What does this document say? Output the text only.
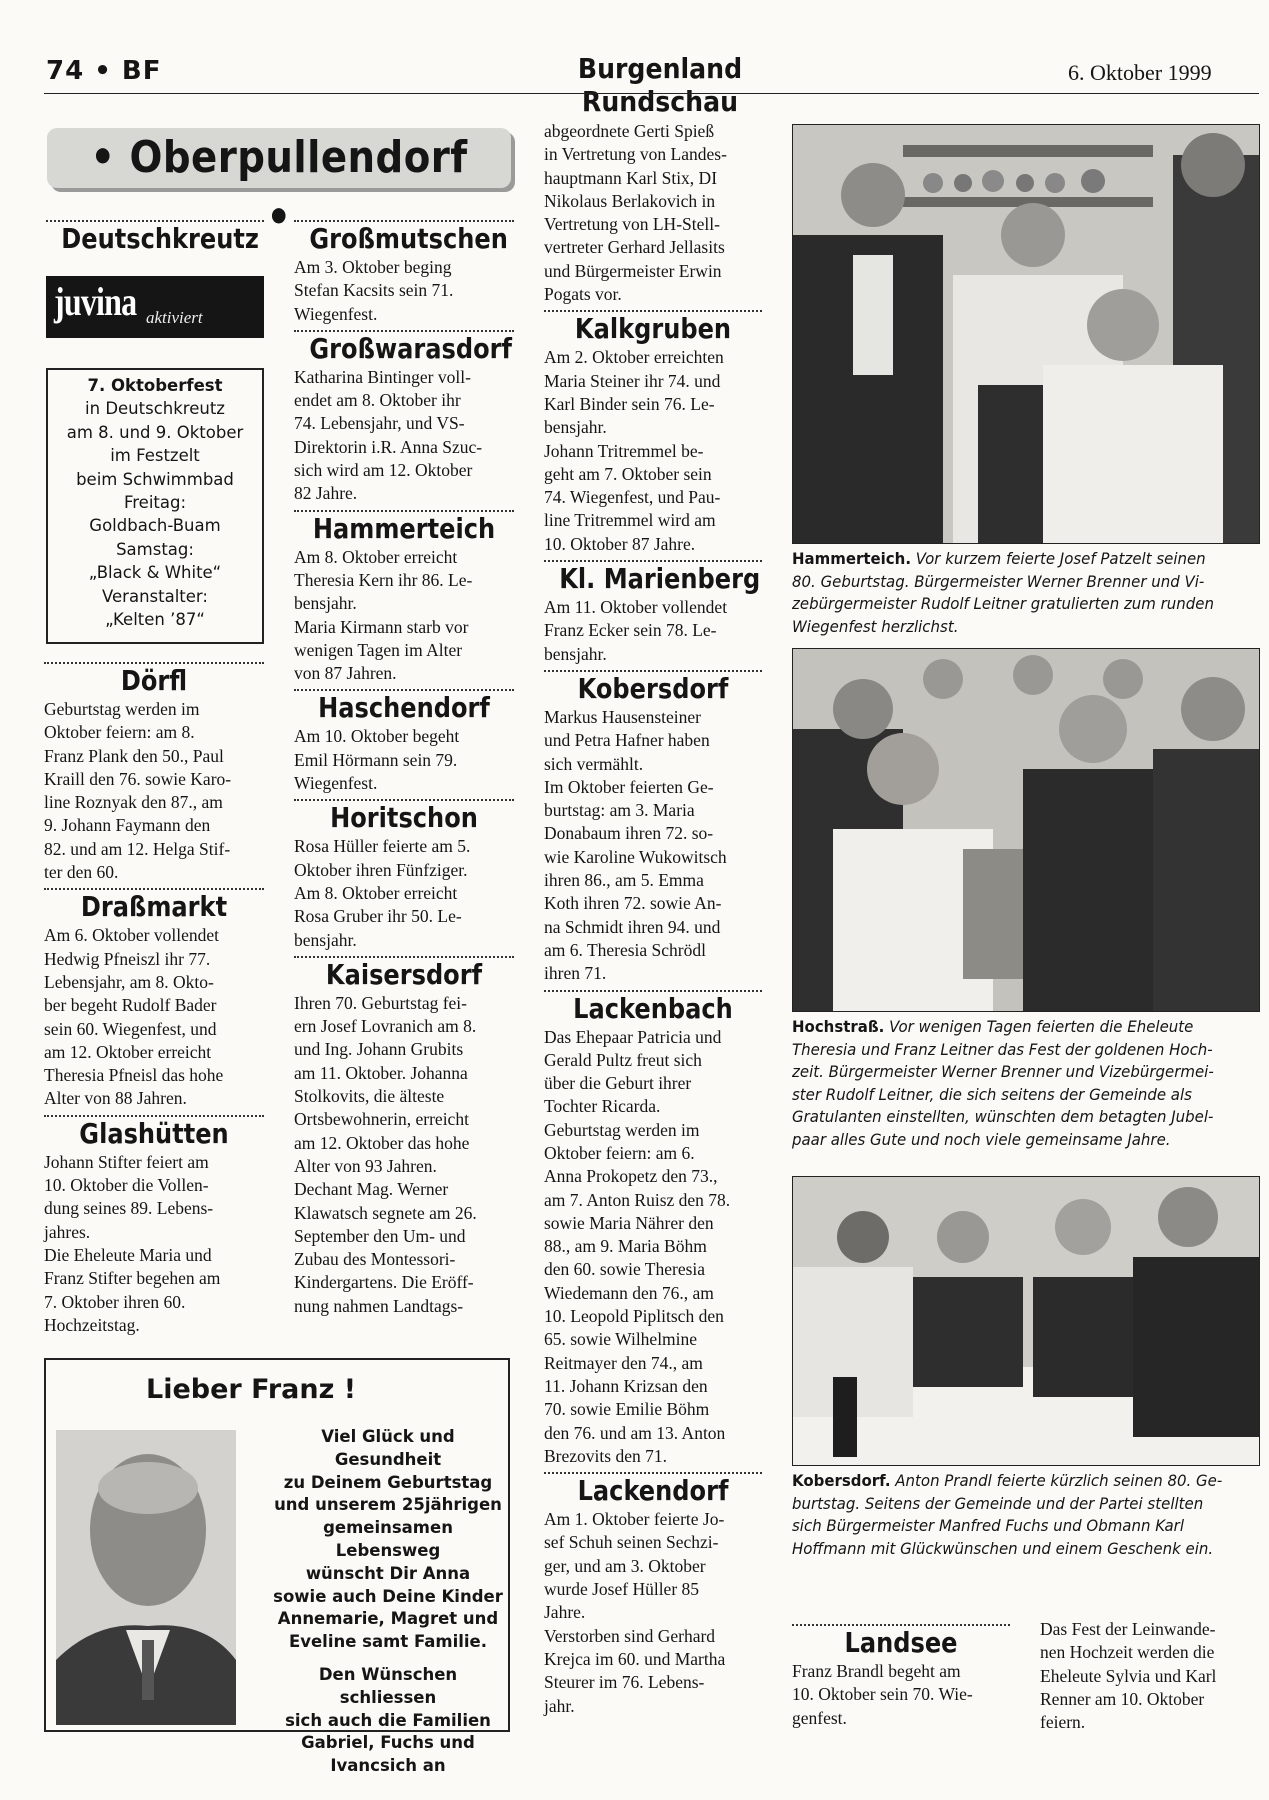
74 • BF	Burgenland Rundschau
6. Oktober 1999
• Oberpullendorf •
Deutschkreutz
juvina aktiviert
7. Oktoberfest
in Deutschkreutz
am 8. und 9. Oktober
im Festzelt
beim Schwimmbad
Freitag:
Goldbach-Buam
Samstag:
„Black & White“
Veranstalter:
„Kelten ’87“
Dörfl
Geburtstag werden im
Oktober feiern: am 8.
Franz Plank den 50., Paul
Kraill den 76. sowie Karo-
line Roznyak den 87., am
9. Johann Faymann den
82. und am 12. Helga Stif-
ter den 60.
Draßmarkt
Am 6. Oktober vollendet
Hedwig Pfneiszl ihr 77.
Lebensjahr, am 8. Okto-
ber begeht Rudolf Bader
sein 60. Wiegenfest, und
am 12. Oktober erreicht
Theresia Pfneisl das hohe
Alter von 88 Jahren.
Glashütten
Johann Stifter feiert am
10. Oktober die Vollen-
dung seines 89. Lebens-
jahres.
Die Eheleute Maria und
Franz Stifter begehen am
7. Oktober ihren 60.
Hochzeitstag.
Großmutschen
Am 3. Oktober beging
Stefan Kacsits sein 71.
Wiegenfest.
Großwarasdorf
Katharina Bintinger voll-
endet am 8. Oktober ihr
74. Lebensjahr, und VS-
Direktorin i.R. Anna Szuc-
sich wird am 12. Oktober
82 Jahre.
Hammerteich
Am 8. Oktober erreicht
Theresia Kern ihr 86. Le-
bensjahr.
Maria Kirmann starb vor
wenigen Tagen im Alter
von 87 Jahren.
Haschendorf
Am 10. Oktober begeht
Emil Hörmann sein 79.
Wiegenfest.
Horitschon
Rosa Hüller feierte am 5.
Oktober ihren Fünfziger.
Am 8. Oktober erreicht
Rosa Gruber ihr 50. Le-
bensjahr.
Kaisersdorf
Ihren 70. Geburtstag fei-
ern Josef Lovranich am 8.
und Ing. Johann Grubits
am 11. Oktober. Johanna
Stolkovits, die älteste
Ortsbewohnerin, erreicht
am 12. Oktober das hohe
Alter von 93 Jahren.
Dechant Mag. Werner
Klawatsch segnete am 26.
September den Um- und
Zubau des Montessori-
Kindergartens. Die Eröff-
nung nahmen Landtags-
abgeordnete Gerti Spieß
in Vertretung von Landes-
hauptmann Karl Stix, DI
Nikolaus Berlakovich in
Vertretung von LH-Stell-
vertreter Gerhard Jellasits
und Bürgermeister Erwin
Pogats vor.
Kalkgruben
Am 2. Oktober erreichten
Maria Steiner ihr 74. und
Karl Binder sein 76. Le-
bensjahr.
Johann Tritremmel be-
geht am 7. Oktober sein
74. Wiegenfest, und Pau-
line Tritremmel wird am
10. Oktober 87 Jahre.
Kl. Marienberg
Am 11. Oktober vollendet
Franz Ecker sein 78. Le-
bensjahr.
Kobersdorf
Markus Hausensteiner
und Petra Hafner haben
sich vermählt.
Im Oktober feierten Ge-
burtstag: am 3. Maria
Donabaum ihren 72. so-
wie Karoline Wukowitsch
ihren 86., am 5. Emma
Koth ihren 72. sowie An-
na Schmidt ihren 94. und
am 6. Theresia Schrödl
ihren 71.
Lackenbach
Das Ehepaar Patricia und
Gerald Pultz freut sich
über die Geburt ihrer
Tochter Ricarda.
Geburtstag werden im
Oktober feiern: am 6.
Anna Prokopetz den 73.,
am 7. Anton Ruisz den 78.
sowie Maria Nährer den
88., am 9. Maria Böhm
den 60. sowie Theresia
Wiedemann den 76., am
10. Leopold Piplitsch den
65. sowie Wilhelmine
Reitmayer den 74., am
11. Johann Krizsan den
70. sowie Emilie Böhm
den 76. und am 13. Anton
Brezovits den 71.
Lackendorf
Am 1. Oktober feierte Jo-
sef Schuh seinen Sechzi-
ger, und am 3. Oktober
wurde Josef Hüller 85
Jahre.
Verstorben sind Gerhard
Krejca im 60. und Martha
Steurer im 76. Lebens-
jahr.
Hammerteich. Vor kurzem feierte Josef Patzelt seinen
80. Geburtstag. Bürgermeister Werner Brenner und Vi-
zebürgermeister Rudolf Leitner gratulierten zum runden
Wiegenfest herzlichst.
Hochstraß. Vor wenigen Tagen feierten die Eheleute
Theresia und Franz Leitner das Fest der goldenen Hoch-
zeit. Bürgermeister Werner Brenner und Vizebürgermei-
ster Rudolf Leitner, die sich seitens der Gemeinde als
Gratulanten einstellten, wünschten dem betagten Jubel-
paar alles Gute und noch viele gemeinsame Jahre.
Kobersdorf. Anton Prandl feierte kürzlich seinen 80. Ge-
burtstag. Seitens der Gemeinde und der Partei stellten
sich Bürgermeister Manfred Fuchs und Obmann Karl
Hoffmann mit Glückwünschen und einem Geschenk ein.
Landsee
Franz Brandl begeht am
10. Oktober sein 70. Wie-
genfest.
Das Fest der Leinwande-
nen Hochzeit werden die
Eheleute Sylvia und Karl
Renner am 10. Oktober
feiern.
Lieber Franz !
Viel Glück und Gesundheit
zu Deinem Geburtstag
und unserem 25jährigen
gemeinsamen Lebensweg
wünscht Dir Anna
sowie auch Deine Kinder
Annemarie, Magret und
Eveline samt Familie.
Den Wünschen schliessen
sich auch die Familien
Gabriel, Fuchs und
Ivancsich an
